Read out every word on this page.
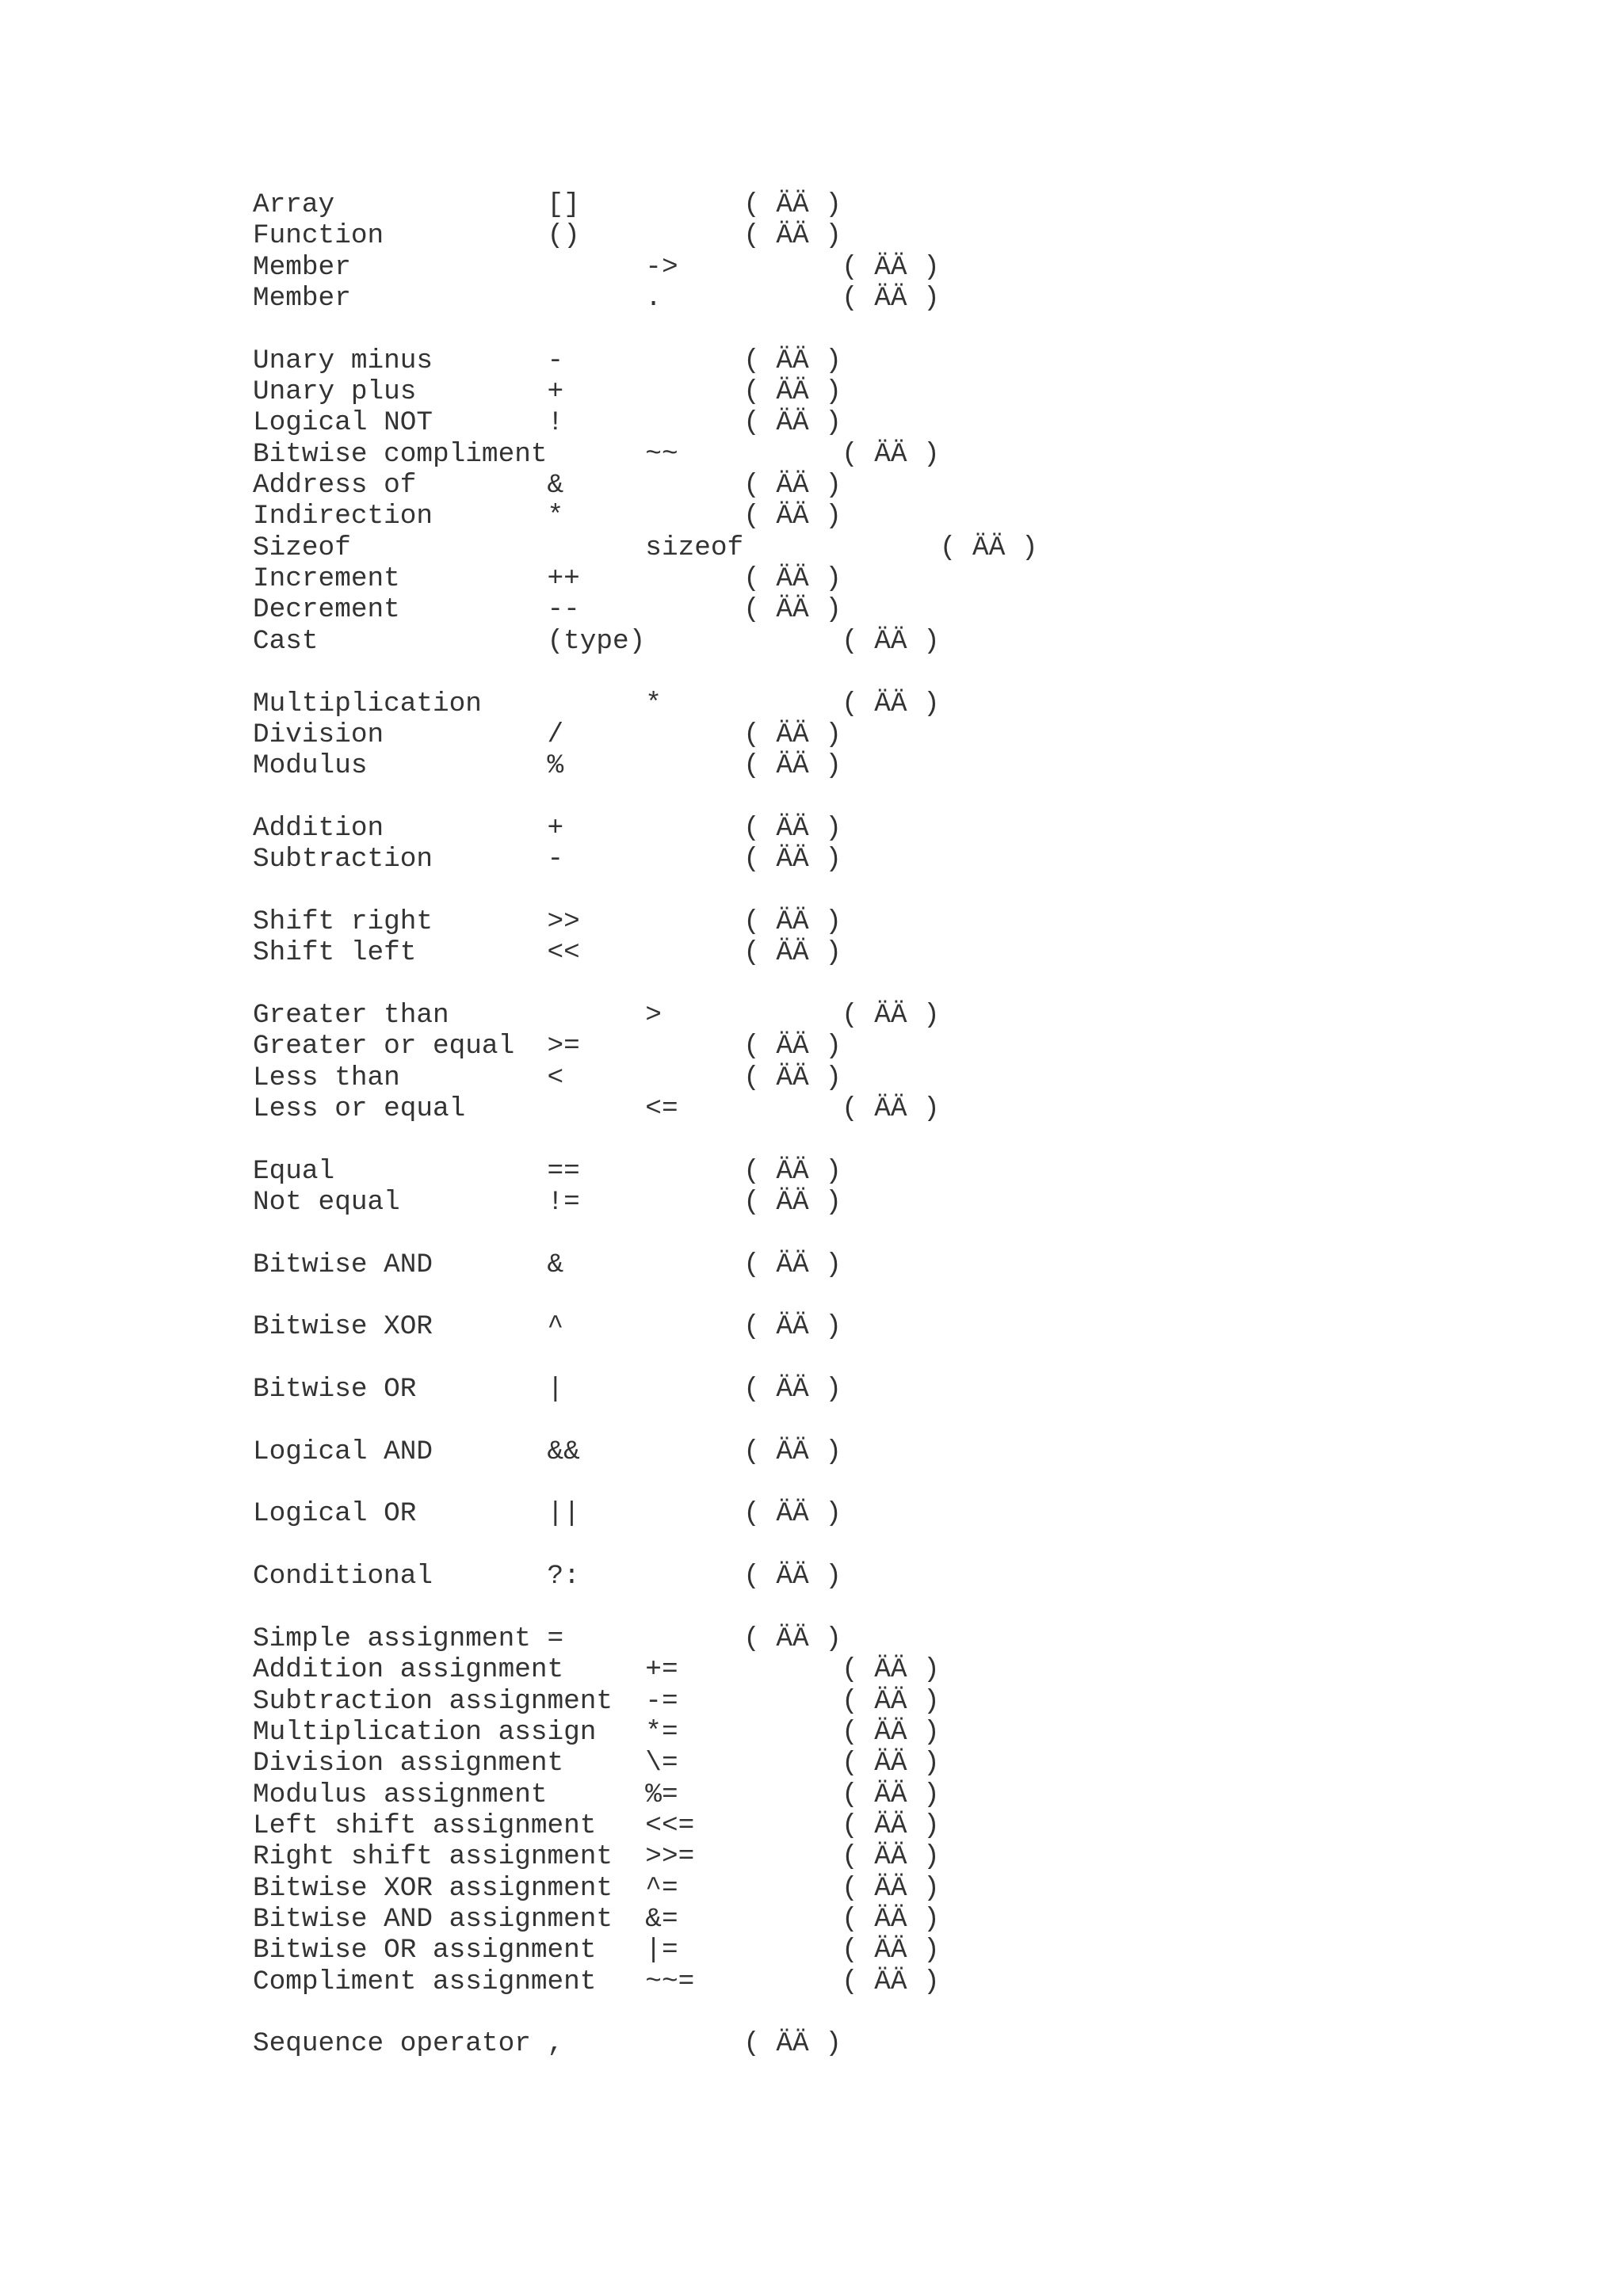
Array             []          ( ÄÄ )
Function          ()          ( ÄÄ )
Member                  ->          ( ÄÄ )
Member                  .           ( ÄÄ )
Unary minus       -           ( ÄÄ )
Unary plus        +           ( ÄÄ )
Logical NOT       !           ( ÄÄ )
Bitwise compliment      ~~          ( ÄÄ )
Address of        &           ( ÄÄ )
Indirection       *           ( ÄÄ )
Sizeof                  sizeof            ( ÄÄ )
Increment         ++          ( ÄÄ )
Decrement         --          ( ÄÄ )
Cast              (type)            ( ÄÄ )
Multiplication          *           ( ÄÄ )
Division          /           ( ÄÄ )
Modulus           %           ( ÄÄ )
Addition          +           ( ÄÄ )
Subtraction       -           ( ÄÄ )
Shift right       >>          ( ÄÄ )
Shift left        <<          ( ÄÄ )
Greater than            >           ( ÄÄ )
Greater or equal  >=          ( ÄÄ )
Less than         <           ( ÄÄ )
Less or equal           <=          ( ÄÄ )
Equal             ==          ( ÄÄ )
Not equal         !=          ( ÄÄ )
Bitwise AND       &           ( ÄÄ )
Bitwise XOR       ^           ( ÄÄ )
Bitwise OR        |           ( ÄÄ )
Logical AND       &&          ( ÄÄ )
Logical OR        ||          ( ÄÄ )
Conditional       ?:          ( ÄÄ )
Simple assignment =           ( ÄÄ )
Addition assignment     +=          ( ÄÄ )
Subtraction assignment  -=          ( ÄÄ )
Multiplication assign   *=          ( ÄÄ )
Division assignment     \=          ( ÄÄ )
Modulus assignment      %=          ( ÄÄ )
Left shift assignment   <<=         ( ÄÄ )
Right shift assignment  >>=         ( ÄÄ )
Bitwise XOR assignment  ^=          ( ÄÄ )
Bitwise AND assignment  &=          ( ÄÄ )
Bitwise OR assignment   |=          ( ÄÄ )
Compliment assignment   ~~=         ( ÄÄ )
Sequence operator ,           ( ÄÄ )
